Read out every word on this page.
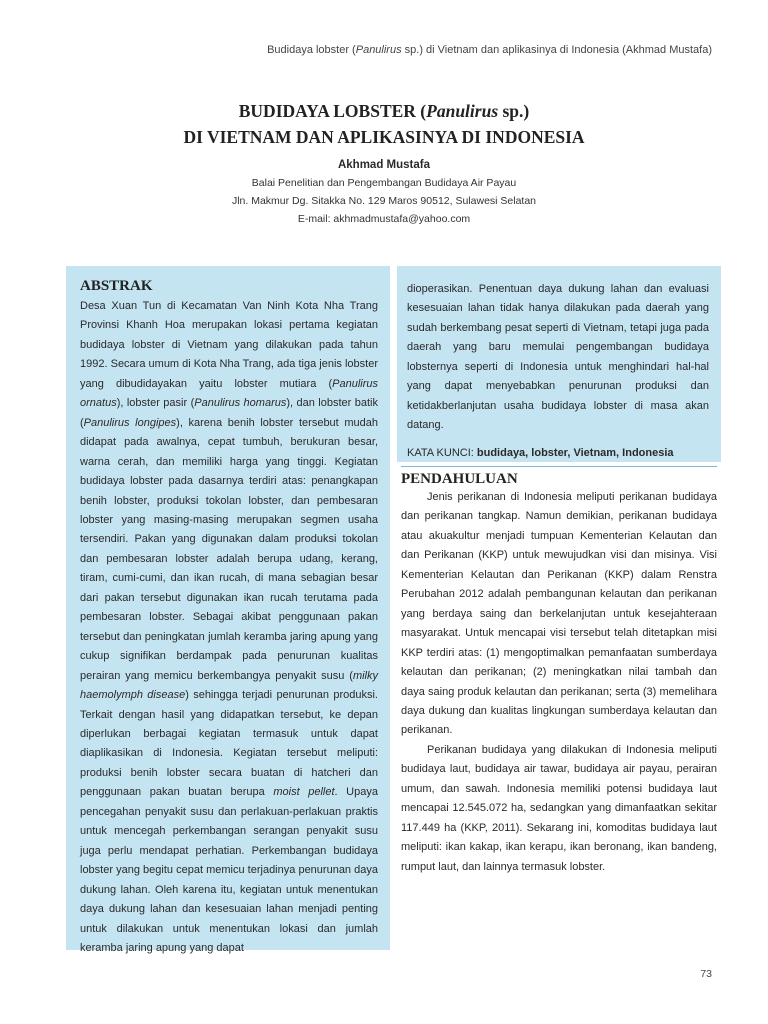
Budidaya lobster (Panulirus sp.) di Vietnam dan aplikasinya di Indonesia (Akhmad Mustafa)
BUDIDAYA LOBSTER (Panulirus sp.)
DI VIETNAM DAN APLIKASINYA DI INDONESIA
Akhmad Mustafa
Balai Penelitian dan Pengembangan Budidaya Air Payau
Jln. Makmur Dg. Sitakka No. 129 Maros 90512, Sulawesi Selatan
E-mail: akhmadmustafa@yahoo.com
ABSTRAK

Desa Xuan Tun di Kecamatan Van Ninh Kota Nha Trang Provinsi Khanh Hoa merupakan lokasi pertama kegiatan budidaya lobster di Vietnam yang dilakukan pada tahun 1992. Secara umum di Kota Nha Trang, ada tiga jenis lobster yang dibudidayakan yaitu lobster mutiara (Panulirus ornatus), lobster pasir (Panulirus homarus), dan lobster batik (Panulirus longipes), karena benih lobster tersebut mudah didapat pada awalnya, cepat tumbuh, berukuran besar, warna cerah, dan memiliki harga yang tinggi. Kegiatan budidaya lobster pada dasarnya terdiri atas: penangkapan benih lobster, produksi tokolan lobster, dan pembesaran lobster yang masing-masing merupakan segmen usaha tersendiri. Pakan yang digunakan dalam produksi tokolan dan pembesaran lobster adalah berupa udang, kerang, tiram, cumi-cumi, dan ikan rucah, di mana sebagian besar dari pakan tersebut digunakan ikan rucah terutama pada pembesaran lobster. Sebagai akibat penggunaan pakan tersebut dan peningkatan jumlah keramba jaring apung yang cukup signifikan berdampak pada penurunan kualitas perairan yang memicu berkembangya penyakit susu (milky haemolymph disease) sehingga terjadi penurunan produksi. Terkait dengan hasil yang didapatkan tersebut, ke depan diperlukan berbagai kegiatan termasuk untuk dapat diaplikasikan di Indonesia. Kegiatan tersebut meliputi: produksi benih lobster secara buatan di hatcheri dan penggunaan pakan buatan berupa moist pellet. Upaya pencegahan penyakit susu dan perlakuan-perlakuan praktis untuk mencegah perkembangan serangan penyakit susu juga perlu mendapat perhatian. Perkembangan budidaya lobster yang begitu cepat memicu terjadinya penurunan daya dukung lahan. Oleh karena itu, kegiatan untuk menentukan daya dukung lahan dan kesesuaian lahan menjadi penting untuk dilakukan untuk menentukan lokasi dan jumlah keramba jaring apung yang dapat

dioperasikan. Penentuan daya dukung lahan dan evaluasi kesesuaian lahan tidak hanya dilakukan pada daerah yang sudah berkembang pesat seperti di Vietnam, tetapi juga pada daerah yang baru memulai pengembangan budidaya lobsternya seperti di Indonesia untuk menghindari hal-hal yang dapat menyebabkan penurunan produksi dan ketidakberlanjutan usaha budidaya lobster di masa akan datang.

KATA KUNCI: budidaya, lobster, Vietnam, Indonesia
PENDAHULUAN

Jenis perikanan di Indonesia meliputi perikanan budidaya dan perikanan tangkap. Namun demikian, perikanan budidaya atau akuakultur menjadi tumpuan Kementerian Kelautan dan dan Perikanan (KKP) untuk mewujudkan visi dan misinya. Visi Kementerian Kelautan dan Perikanan (KKP) dalam Renstra Perubahan 2012 adalah pembangunan kelautan dan perikanan yang berdaya saing dan berkelanjutan untuk kesejahteraan masyarakat. Untuk mencapai visi tersebut telah ditetapkan misi KKP terdiri atas: (1) mengoptimalkan pemanfaatan sumberdaya kelautan dan perikanan; (2) meningkatkan nilai tambah dan daya saing produk kelautan dan perikanan; serta (3) memelihara daya dukung dan kualitas lingkungan sumberdaya kelautan dan perikanan.

Perikanan budidaya yang dilakukan di Indonesia meliputi budidaya laut, budidaya air tawar, budidaya air payau, perairan umum, dan sawah. Indonesia memiliki potensi budidaya laut mencapai 12.545.072 ha, sedangkan yang dimanfaatkan sekitar 117.449 ha (KKP, 2011). Sekarang ini, komoditas budidaya laut meliputi: ikan kakap, ikan kerapu, ikan beronang, ikan bandeng, rumput laut, dan lainnya termasuk lobster.

73
